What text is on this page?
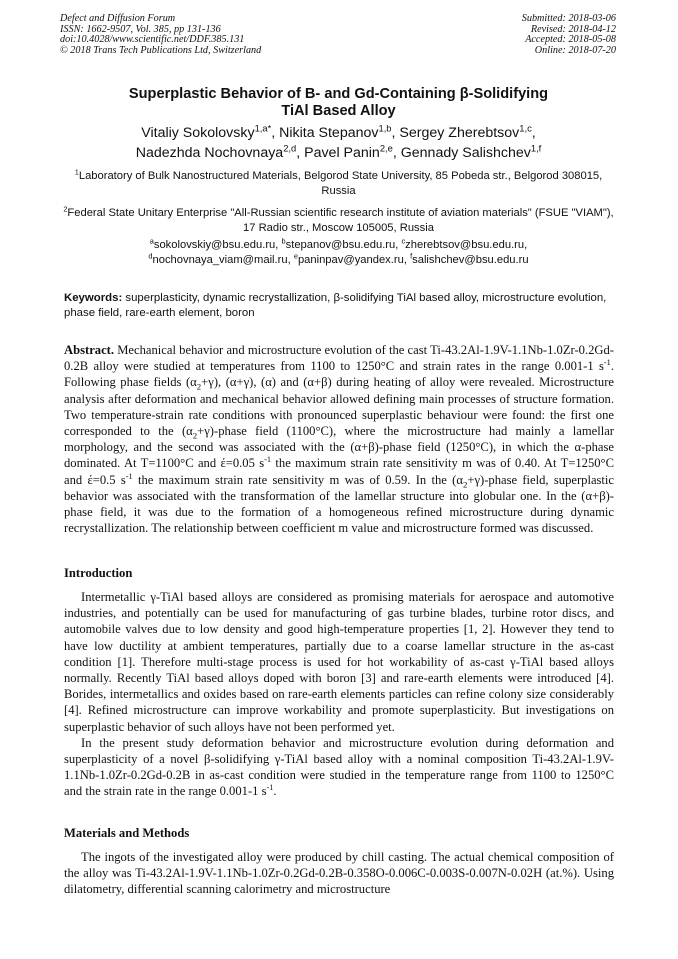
Defect and Diffusion Forum
ISSN: 1662-9507, Vol. 385, pp 131-136
doi:10.4028/www.scientific.net/DDF.385.131
© 2018 Trans Tech Publications Ltd, Switzerland
Submitted: 2018-03-06
Revised: 2018-04-12
Accepted: 2018-05-08
Online: 2018-07-20
Superplastic Behavior of B- and Gd-Containing β-Solidifying
TiAl Based Alloy
Vitaliy Sokolovsky$^{1,a*}$, Nikita Stepanov$^{1,b}$, Sergey Zherebtsov$^{1,c}$,
Nadezhda Nochovnaya$^{2,d}$, Pavel Panin$^{2,e}$, Gennady Salishchev$^{1,f}$
$^1$Laboratory of Bulk Nanostructured Materials, Belgorod State University, 85 Pobeda str., Belgorod 308015, Russia
$^2$Federal State Unitary Enterprise "All-Russian scientific research institute of aviation materials" (FSUE "VIAM"), 17 Radio str., Moscow 105005, Russia
$^a$sokolovskiy@bsu.edu.ru, $^b$stepanov@bsu.edu.ru, $^c$zherebtsov@bsu.edu.ru,
$^d$nochovnaya_viam@mail.ru, $^e$paninpav@yandex.ru, $^f$salishchev@bsu.edu.ru
Keywords: superplasticity, dynamic recrystallization, β-solidifying TiAl based alloy, microstructure evolution, phase field, rare-earth element, boron
Abstract. Mechanical behavior and microstructure evolution of the cast Ti-43.2Al-1.9V-1.1Nb-1.0Zr-0.2Gd-0.2B alloy were studied at temperatures from 1100 to 1250°C and strain rates in the range 0.001-1 $s^{-1}$. Following phase fields $(\alpha_2+\gamma)$, (α+γ), (α) and (α+β) during heating of alloy were revealed. Microstructure analysis after deformation and mechanical behavior allowed defining main processes of structure formation. Two temperature-strain rate conditions with pronounced superplastic behaviour were found: the first one corresponded to the $(\alpha_2+\gamma)$-phase field (1100°C), where the microstructure had mainly a lamellar morphology, and the second was associated with the (α+β)-phase field (1250°C), in which the α-phase dominated. At T=1100°C and έ=0.05 $s^{-1}$ the maximum strain rate sensitivity m was of 0.40. At T=1250°C and έ=0.5 $s^{-1}$ the maximum strain rate sensitivity m was of 0.59. In the $(\alpha_2+\gamma)$-phase field, superplastic behavior was associated with the transformation of the lamellar structure into globular one. In the (α+β)-phase field, it was due to the formation of a homogeneous refined microstructure during dynamic recrystallization. The relationship between coefficient m value and microstructure formed was discussed.
Introduction

Intermetallic γ-TiAl based alloys are considered as promising materials for aerospace and automotive industries, and potentially can be used for manufacturing of gas turbine blades, turbine rotor discs, and automobile valves due to low density and good high-temperature properties [1, 2]. However they tend to have low ductility at ambient temperatures, partially due to a coarse lamellar structure in the as-cast condition [1]. Therefore multi-stage process is used for hot workability of as-cast γ-TiAl based alloys normally. Recently TiAl based alloys doped with boron [3] and rare-earth elements were introduced [4]. Borides, intermetallics and oxides based on rare-earth elements particles can refine colony size considerably [4]. Refined microstructure can improve workability and promote superplasticity. But investigations on superplastic behavior of such alloys have not been performed yet.

In the present study deformation behavior and microstructure evolution during deformation and superplasticity of a novel β-solidifying γ-TiAl based alloy with a nominal composition Ti-43.2Al-1.9V-1.1Nb-1.0Zr-0.2Gd-0.2B in as-cast condition were studied in the temperature range from 1100 to 1250°C and the strain rate in the range 0.001-1 $s^{-1}$.

Materials and Methods
The ingots of the investigated alloy were produced by chill casting. The actual chemical composition of the alloy was Ti-43.2Al-1.9V-1.1Nb-1.0Zr-0.2Gd-0.2B-0.358O-0.006C-0.003S-0.007N-0.02H (at.%). Using dilatometry, differential scanning calorimetry and microstructure
